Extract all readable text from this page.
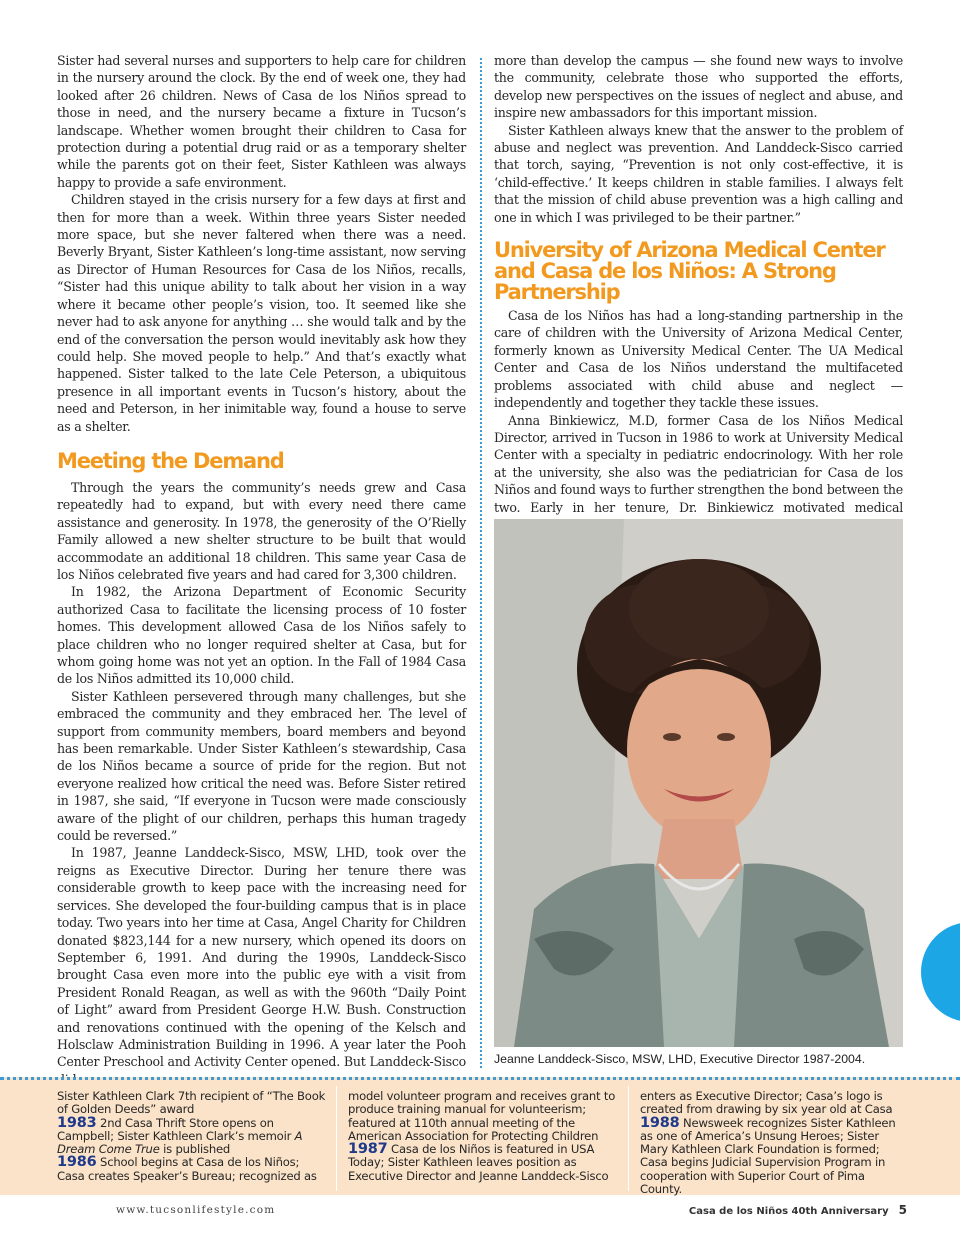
Sister had several nurses and supporters to help care for children in the nursery around the clock. By the end of week one, they had looked after 26 children. News of Casa de los Niños spread to those in need, and the nursery became a fixture in Tucson’s landscape. Whether women brought their children to Casa for protection during a potential drug raid or as a temporary shelter while the parents got on their feet, Sister Kathleen was always happy to provide a safe environment.

Children stayed in the crisis nursery for a few days at first and then for more than a week. Within three years Sister needed more space, but she never faltered when there was a need. Beverly Bryant, Sister Kathleen’s long-time assistant, now serving as Director of Human Resources for Casa de los Niños, recalls, “Sister had this unique ability to talk about her vision in a way where it became other people’s vision, too. It seemed like she never had to ask anyone for anything … she would talk and by the end of the conversation the person would inevitably ask how they could help. She moved people to help.” And that’s exactly what happened. Sister talked to the late Cele Peterson, a ubiquitous presence in all important events in Tucson’s history, about the need and Peterson, in her inimitable way, found a house to serve as a shelter.

Meeting the Demand

Through the years the community’s needs grew and Casa repeatedly had to expand, but with every need there came assistance and generosity. In 1978, the generosity of the O’Rielly Family allowed a new shelter structure to be built that would accommodate an additional 18 children. This same year Casa de los Niños celebrated five years and had cared for 3,300 children.

In 1982, the Arizona Department of Economic Security authorized Casa to facilitate the licensing process of 10 foster homes. This development allowed Casa de los Niños safely to place children who no longer required shelter at Casa, but for whom going home was not yet an option. In the Fall of 1984 Casa de los Niños admitted its 10,000 child.

Sister Kathleen persevered through many challenges, but she embraced the community and they embraced her. The level of support from community members, board members and beyond has been remarkable. Under Sister Kathleen’s stewardship, Casa de los Niños became a source of pride for the region. But not everyone realized how critical the need was. Before Sister retired in 1987, she said, “If everyone in Tucson were made consciously aware of the plight of our children, perhaps this human tragedy could be reversed.”

In 1987, Jeanne Landdeck-Sisco, MSW, LHD, took over the reigns as Executive Director. During her tenure there was considerable growth to keep pace with the increasing need for services. She developed the four-building campus that is in place today. Two years into her time at Casa, Angel Charity for Children donated $823,144 for a new nursery, which opened its doors on September 6, 1991. And during the 1990s, Landdeck-Sisco brought Casa even more into the public eye with a visit from President Ronald Reagan, as well as with the 960th “Daily Point of Light” award from President George H.W. Bush. Construction and renovations continued with the opening of the Kelsch and Holsclaw Administration Building in 1996. A year later the Pooh Center Preschool and Activity Center opened. But Landdeck-Sisco

more than develop the campus — she found new ways to involve the community, celebrate those who supported the efforts, develop new perspectives on the issues of neglect and abuse, and inspire new ambassadors for this important mission.

Sister Kathleen always knew that the answer to the problem of abuse and neglect was prevention. And Landdeck-Sisco carried that torch, saying, “Prevention is not only cost-effective, it is ‘child-effective.’ It keeps children in stable families. I always felt that the mission of child abuse prevention was a high calling and one in which I was privileged to be their partner.”

University of Arizona Medical Center and Casa de los Niños: A Strong Partnership

Casa de los Niños has had a long-standing partnership in the care of children with the University of Arizona Medical Center, formerly known as University Medical Center. The UA Medical Center and Casa de los Niños understand the multifaceted problems associated with child abuse and neglect — independently and together they tackle these issues.

Anna Binkiewicz, M.D, former Casa de los Niños Medical Director, arrived in Tucson in 1986 to work at University Medical Center with a specialty in pediatric endocrinology. With her role at the university, she also was the pediatrician for Casa de los Niños and found ways to further strengthen the bond between the two. Early in her tenure, Dr. Binkiewicz motivated medical

Jeanne Landdeck-Sisco, MSW, LHD, Executive Director 1987-2004.

Sister Kathleen Clark 7th recipient of “The Book of Golden Deeds” award

1983 2nd Casa Thrift Store opens on Campbell; Sister Kathleen Clark’s memoir A Dream Come True is published

1986 School begins at Casa de los Niños; Casa creates Speaker’s Bureau; recognized as

model volunteer program and receives grant to produce training manual for volunteerism; featured at 110th annual meeting of the American Association for Protecting Children

1987 Casa de los Niños is featured in USA Today; Sister Kathleen leaves position as Executive Director and Jeanne Landdeck-Sisco

enters as Executive Director; Casa’s logo is created from drawing by six year old at Casa

1988 Newsweek recognizes Sister Kathleen as one of America’s Unsung Heroes; Sister Mary Kathleen Clark Foundation is formed; Casa begins Judicial Supervision Program in cooperation with Superior Court of Pima County.

www.tucsonlifestyle.com	Casa de los Niños 40th Anniversary 5
